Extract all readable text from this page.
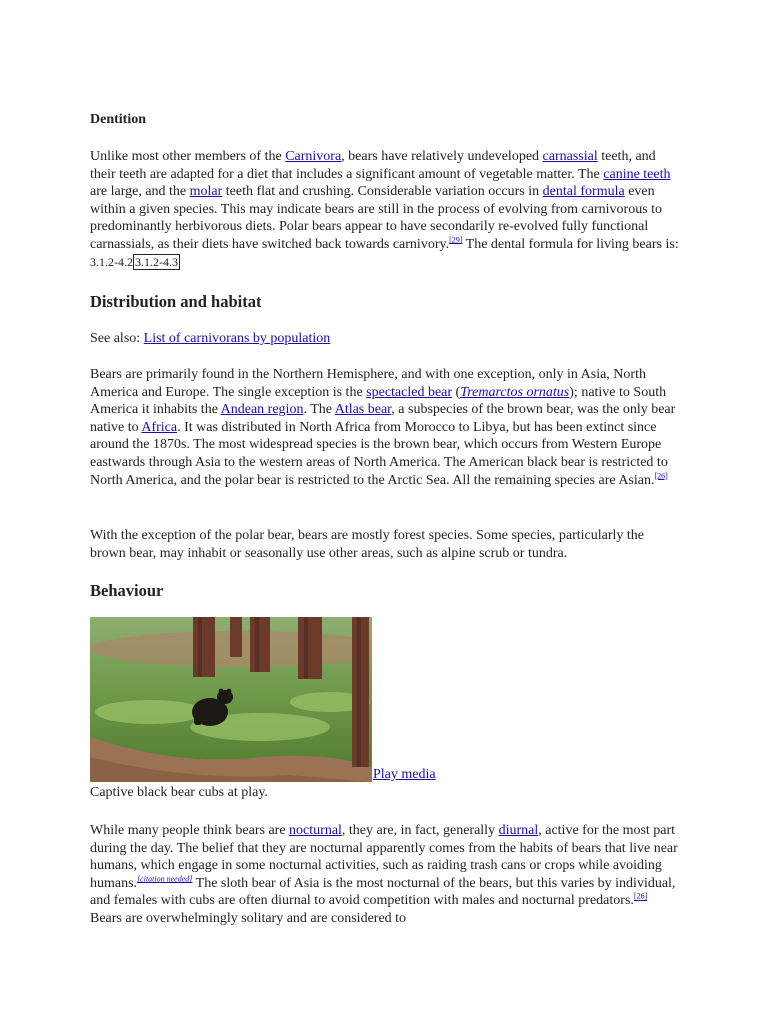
Dentition

Unlike most other members of the Carnivora, bears have relatively undeveloped carnassial teeth, and their teeth are adapted for a diet that includes a significant amount of vegetable matter. The canine teeth are large, and the molar teeth flat and crushing. Considerable variation occurs in dental formula even within a given species. This may indicate bears are still in the process of evolving from carnivorous to predominantly herbivorous diets. Polar bears appear to have secondarily re-evolved fully functional carnassials, as their diets have switched back towards carnivory.[29] The dental formula for living bears is: 3.1.2-4.2 3.1.2-4.3

Distribution and habitat

See also: List of carnivorans by population

Bears are primarily found in the Northern Hemisphere, and with one exception, only in Asia, North America and Europe. The single exception is the spectacled bear (Tremarctos ornatus); native to South America it inhabits the Andean region. The Atlas bear, a subspecies of the brown bear, was the only bear native to Africa. It was distributed in North Africa from Morocco to Libya, but has been extinct since around the 1870s. The most widespread species is the brown bear, which occurs from Western Europe eastwards through Asia to the western areas of North America. The American black bear is restricted to North America, and the polar bear is restricted to the Arctic Sea. All the remaining species are Asian.[26]

With the exception of the polar bear, bears are mostly forest species. Some species, particularly the brown bear, may inhabit or seasonally use other areas, such as alpine scrub or tundra.

Behaviour
Play media
Captive black bear cubs at play.

While many people think bears are nocturnal, they are, in fact, generally diurnal, active for the most part during the day. The belief that they are nocturnal apparently comes from the habits of bears that live near humans, which engage in some nocturnal activities, such as raiding trash cans or crops while avoiding humans.[citation needed] The sloth bear of Asia is the most nocturnal of the bears, but this varies by individual, and females with cubs are often diurnal to avoid competition with males and nocturnal predators.[26] Bears are overwhelmingly solitary and are considered to
